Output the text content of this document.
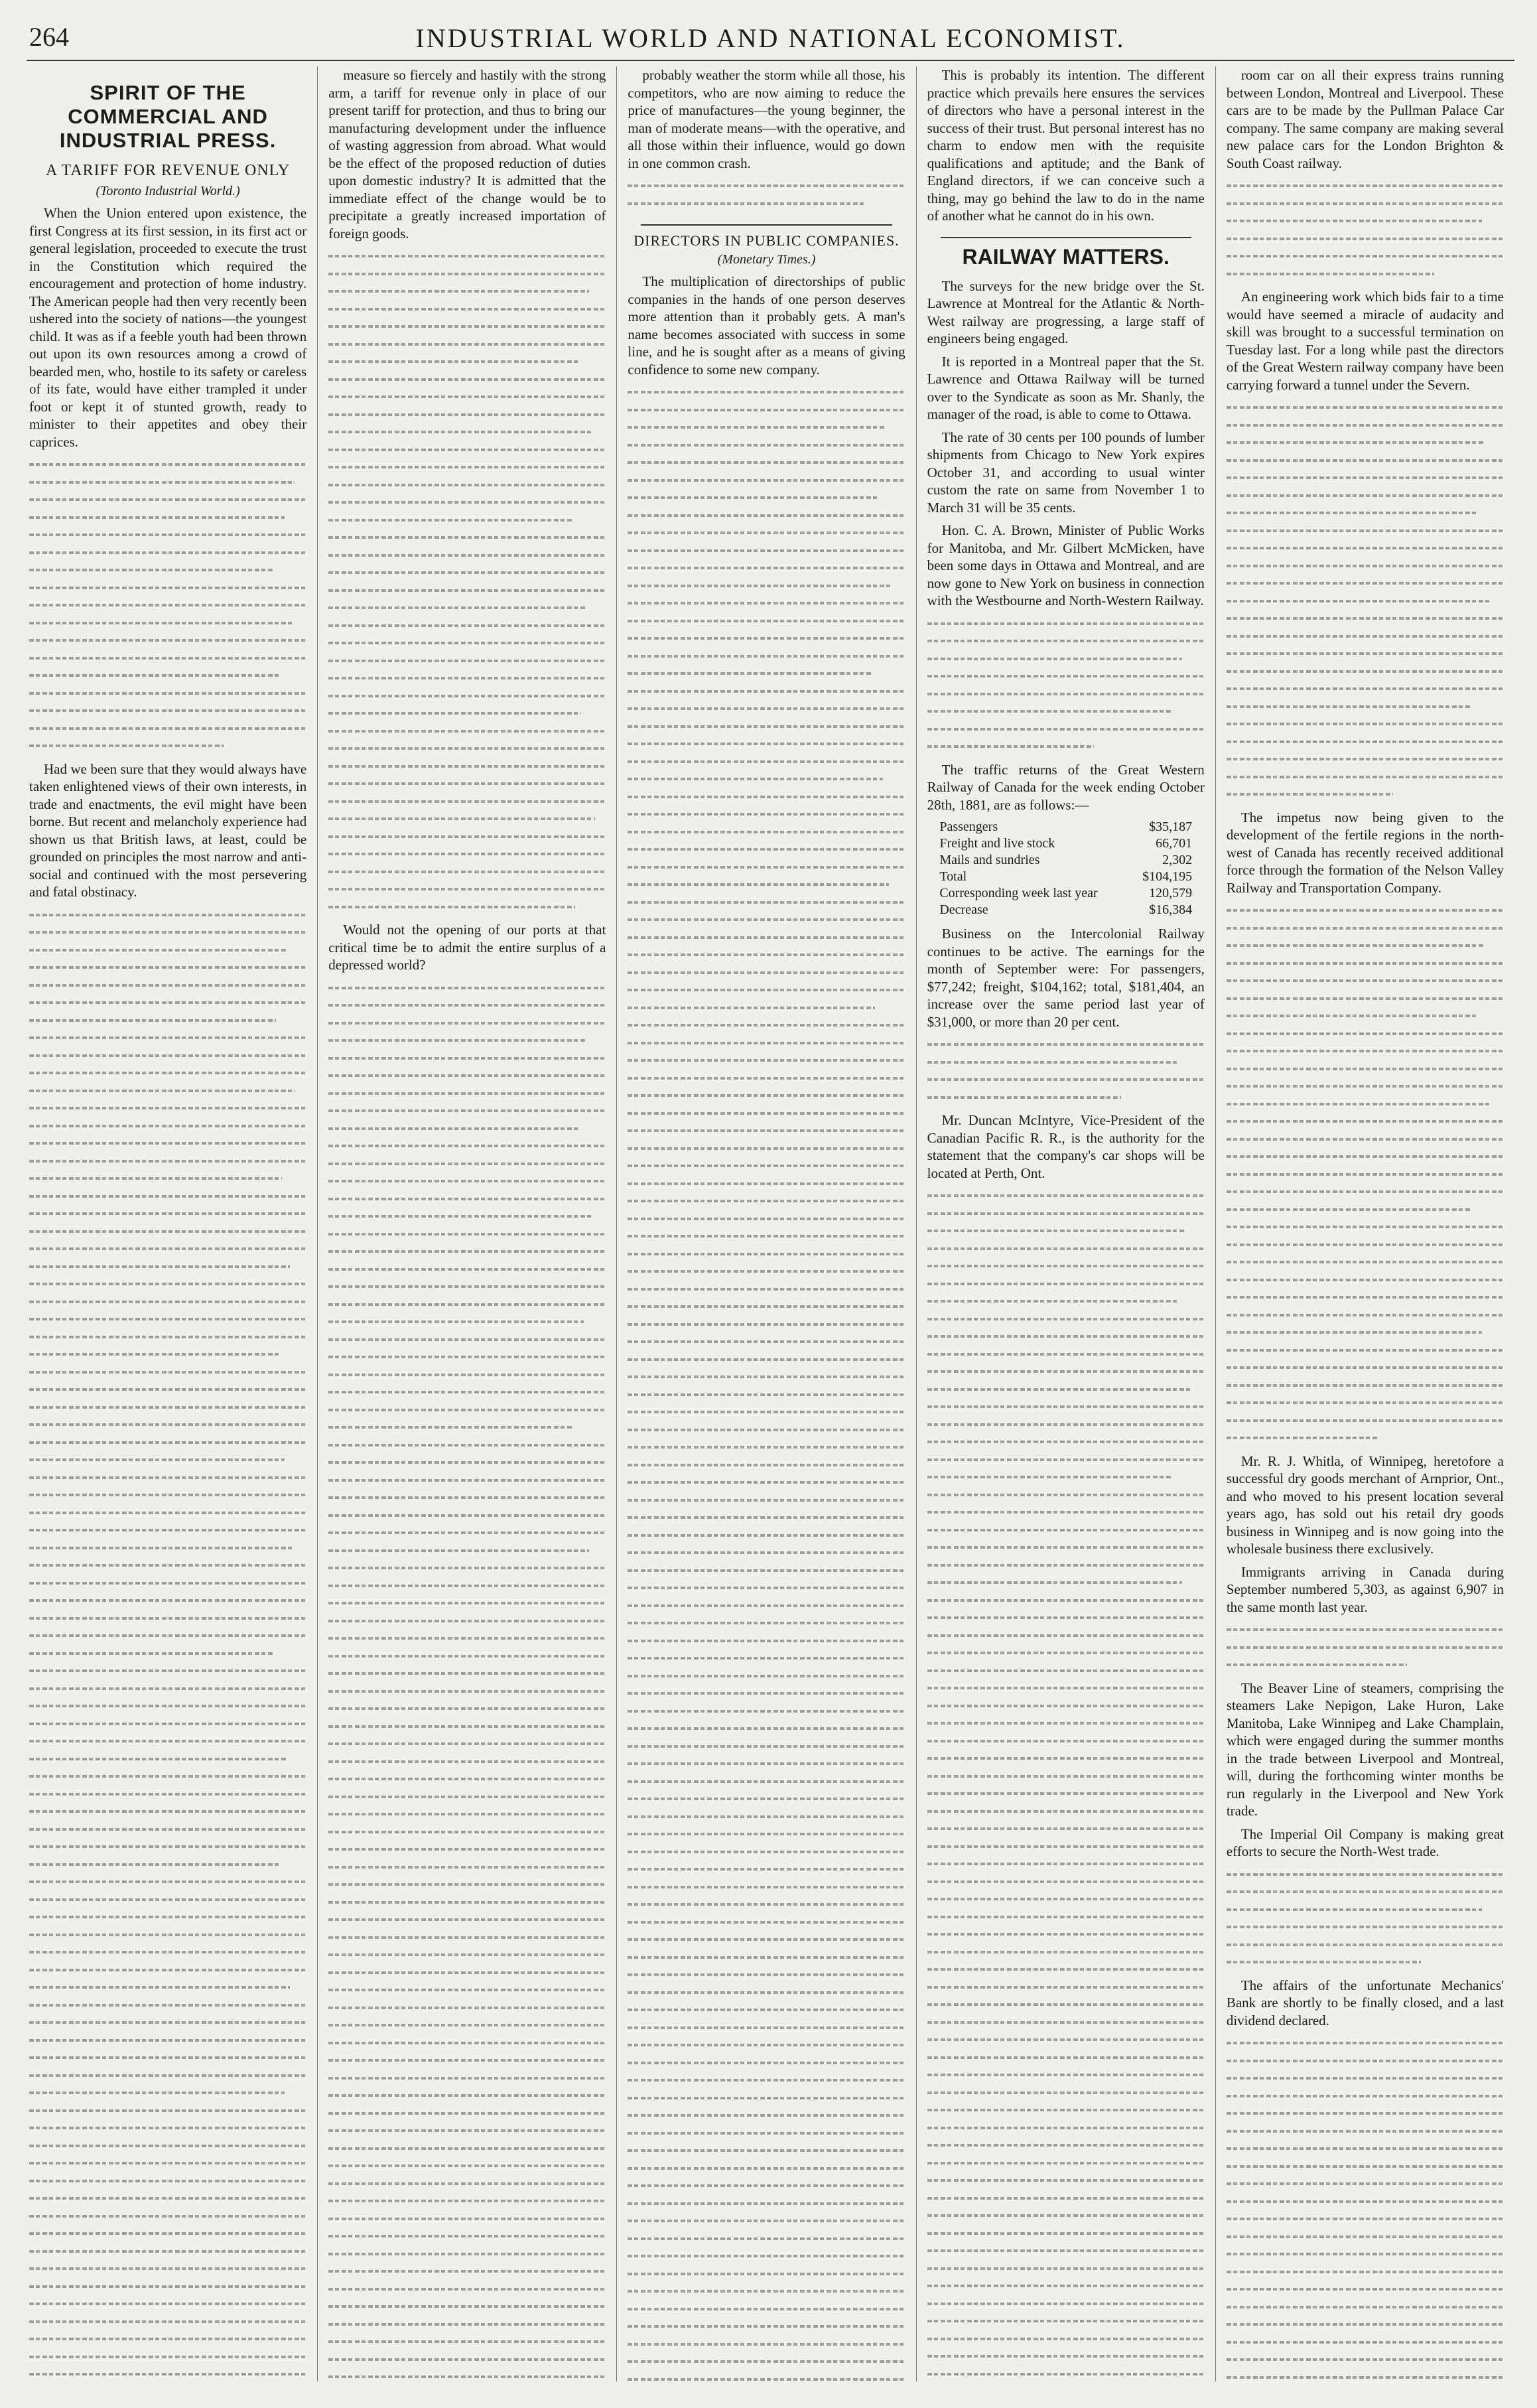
264	INDUSTRIAL WORLD AND NATIONAL ECONOMIST.
SPIRIT OF THE COMMERCIAL AND INDUSTRIAL PRESS.
A TARIFF FOR REVENUE ONLY
(Toronto Industrial World.)

When the Union entered upon existence, the first Congress at its first session, in its first act or general legislation, proceeded to execute the trust in the Constitution which required the encouragement and protection of home industry. The American people had then very recently been ushered into the society of nations—the youngest child. It was as if a feeble youth had been thrown out upon its own resources among a crowd of bearded men, who, hostile to its safety or careless of its fate, would have either trampled it under foot or kept it of stunted growth, ready to minister to their appetites and obey their caprices.

Had we been sure that they would always have taken enlightened views of their own interests, in trade and enactments, the evil might have been borne. But recent and melancholy experience had shown us that British laws, at least, could be grounded on principles the most narrow and anti-social and continued with the most persevering and fatal obstinacy.

measure so fiercely and hastily with the strong arm, a tariff for revenue only in place of our present tariff for protection, and thus to bring our manufacturing development under the influence of wasting aggression from abroad. What would be the effect of the proposed reduction of duties upon domestic industry? It is admitted that the immediate effect of the change would be to precipitate a greatly increased importation of foreign goods.

Would not the opening of our ports at that critical time be to admit the entire surplus of a depressed world?

probably weather the storm while all those, his competitors, who are now aiming to reduce the price of manufactures—the young beginner, the man of moderate means—with the operative, and all those within their influence, would go down in one common crash.

DIRECTORS IN PUBLIC COMPANIES.
(Monetary Times.)

The multiplication of directorships of public companies in the hands of one person deserves more attention than it probably gets. A man's name becomes associated with success in some line, and he is sought after as a means of giving confidence to some new company.

This is probably its intention. The different practice which prevails here ensures the services of directors who have a personal interest in the success of their trust. But personal interest has no charm to endow men with the requisite qualifications and aptitude; and the Bank of England directors, if we can conceive such a thing, may go behind the law to do in the name of another what he cannot do in his own.

RAILWAY MATTERS.

The surveys for the new bridge over the St. Lawrence at Montreal for the Atlantic & North-West railway are progressing, a large staff of engineers being engaged.

It is reported in a Montreal paper that the St. Lawrence and Ottawa Railway will be turned over to the Syndicate as soon as Mr. Shanly, the manager of the road, is able to come to Ottawa.

The rate of 30 cents per 100 pounds of lumber shipments from Chicago to New York expires October 31, and according to usual winter custom the rate on same from November 1 to March 31 will be 35 cents.

Hon. C. A. Brown, Minister of Public Works for Manitoba, and Mr. Gilbert McMicken, have been some days in Ottawa and Montreal, and are now gone to New York on business in connection with the Westbourne and North-Western Railway.

The traffic returns of the Great Western Railway of Canada for the week ending October 28th, 1881, are as follows:—

Passengers	$35,187
Freight and live stock	66,701
Mails and sundries	2,302
Total	$104,195
Corresponding week last year	120,579
Decrease	$16,384

Business on the Intercolonial Railway continues to be active. The earnings for the month of September were: For passengers, $77,242; freight, $104,162; total, $181,404, an increase over the same period last year of $31,000, or more than 20 per cent.

Mr. Duncan McIntyre, Vice-President of the Canadian Pacific R. R., is the authority for the statement that the company's car shops will be located at Perth, Ont.

room car on all their express trains running between London, Montreal and Liverpool. These cars are to be made by the Pullman Palace Car company. The same company are making several new palace cars for the London Brighton & South Coast railway.

An engineering work which bids fair to a time would have seemed a miracle of audacity and skill was brought to a successful termination on Tuesday last. For a long while past the directors of the Great Western railway company have been carrying forward a tunnel under the Severn.

The impetus now being given to the development of the fertile regions in the north-west of Canada has recently received additional force through the formation of the Nelson Valley Railway and Transportation Company.

Mr. R. J. Whitla, of Winnipeg, heretofore a successful dry goods merchant of Arnprior, Ont., and who moved to his present location several years ago, has sold out his retail dry goods business in Winnipeg and is now going into the wholesale business there exclusively.

Immigrants arriving in Canada during September numbered 5,303, as against 6,907 in the same month last year.

The Beaver Line of steamers, comprising the steamers Lake Nepigon, Lake Huron, Lake Manitoba, Lake Winnipeg and Lake Champlain, which were engaged during the summer months in the trade between Liverpool and Montreal, will, during the forthcoming winter months be run regularly in the Liverpool and New York trade.

The Imperial Oil Company is making great efforts to secure the North-West trade.

The affairs of the unfortunate Mechanics' Bank are shortly to be finally closed, and a last dividend declared.
